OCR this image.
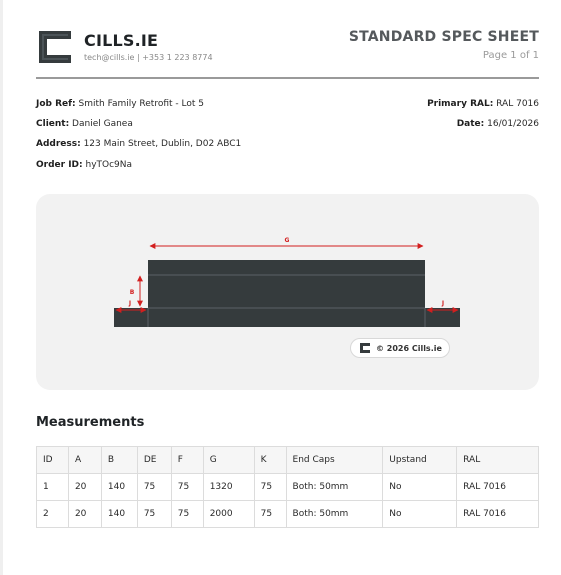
CILLS.IE
tech@cills.ie | +353 1 223 8774
STANDARD SPEC SHEET
Page 1 of 1
Job Ref: Smith Family Retrofit - Lot 5
Client: Daniel Ganea
Address: 123 Main Street, Dublin, D02 ABC1
Order ID: hyTOc9Na
Primary RAL: RAL 7016
Date: 16/01/2026
G
B
J	J
© 2026 Cills.ie
Measurements
ID	A	B	DE	F	G	K	End Caps	Upstand	RAL
1	20	140	75	75	1320	75	Both: 50mm	No	RAL 7016
2	20	140	75	75	2000	75	Both: 50mm	No	RAL 7016
